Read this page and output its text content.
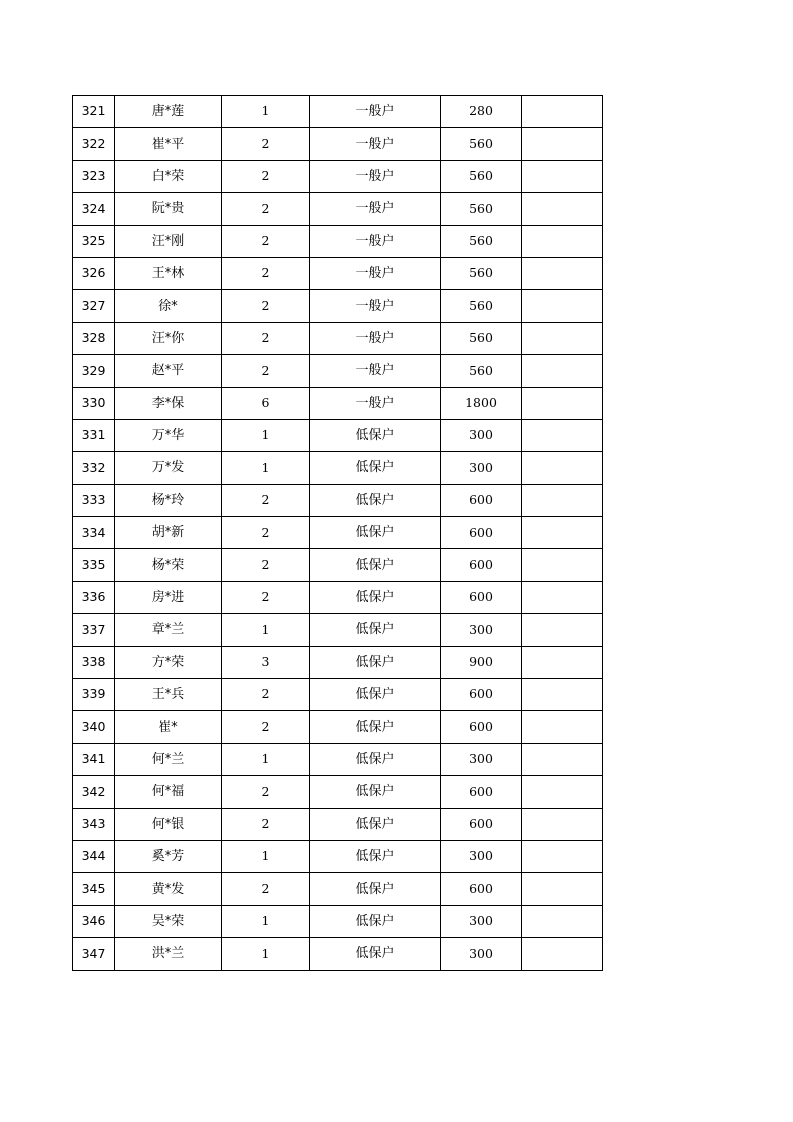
321	唐*莲	1	一般户	280	
322	崔*平	2	一般户	560	
323	白*荣	2	一般户	560	
324	阮*贵	2	一般户	560	
325	汪*刚	2	一般户	560	
326	王*林	2	一般户	560	
327	徐*	2	一般户	560	
328	汪*你	2	一般户	560	
329	赵*平	2	一般户	560	
330	李*保	6	一般户	1800	
331	万*华	1	低保户	300	
332	万*发	1	低保户	300	
333	杨*玲	2	低保户	600	
334	胡*新	2	低保户	600	
335	杨*荣	2	低保户	600	
336	房*进	2	低保户	600	
337	章*兰	1	低保户	300	
338	方*荣	3	低保户	900	
339	王*兵	2	低保户	600	
340	崔*	2	低保户	600	
341	何*兰	1	低保户	300	
342	何*福	2	低保户	600	
343	何*银	2	低保户	600	
344	奚*芳	1	低保户	300	
345	黄*发	2	低保户	600	
346	吴*荣	1	低保户	300	
347	洪*兰	1	低保户	300	
